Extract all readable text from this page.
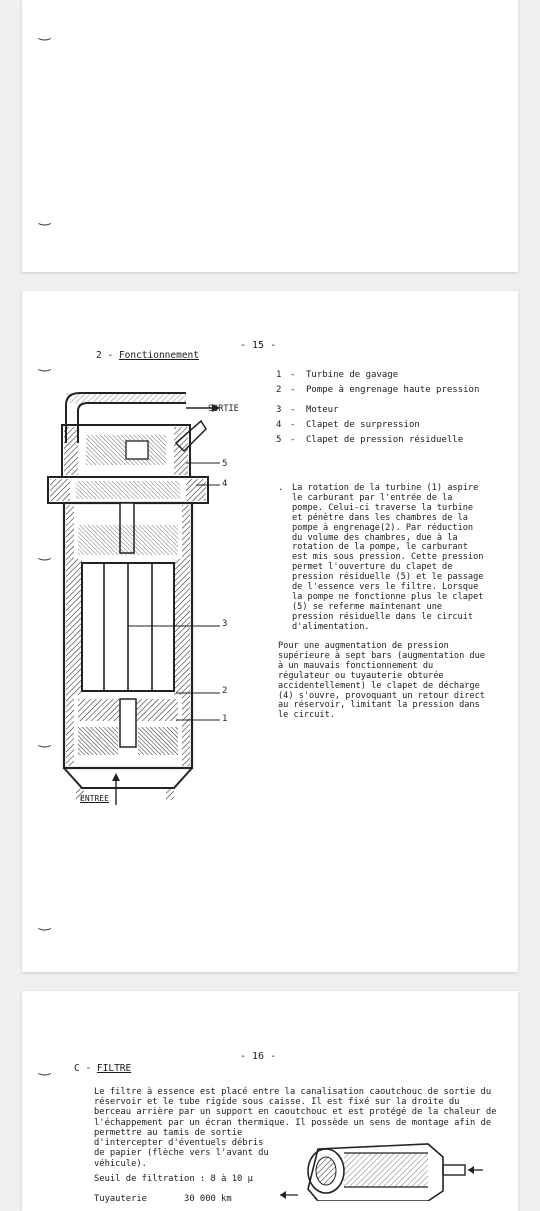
‿
‿
- 15 -
2 - Fonctionnement
‿
‿
‿
‿
SORTIE
ENTREE
5
4
3
2
1
1 -	Turbine de gavage
2 -	Pompe à engrenage haute pression
3 -	Moteur
4 -	Clapet de surpression
5 -	Clapet de pression résiduelle
. La rotation de la turbine (1) aspire
le carburant par l'entrée de la
pompe. Celui-ci traverse la turbine
et pénètre dans les chambres de la
pompe à engrenage(2). Par réduction
du volume des chambres, due à la
rotation de la pompe, le carburant
est mis sous pression. Cette pression
permet l'ouverture du clapet de
pression résiduelle (5) et le passage
de l'essence vers le filtre. Lorsque
la pompe ne fonctionne plus le clapet
(5) se referme maintenant une
pression résiduelle dans le circuit
d'alimentation.
Pour une augmentation de pression
supérieure à sept bars (augmentation due
à un mauvais fonctionnement du
régulateur ou tuyauterie obturée
accidentellement) le clapet de décharge
(4) s'ouvre, provoquant un retour direct
au réservoir, limitant la pression dans
le circuit.
- 16 -
‿ C - FILTRE
Le filtre à essence est placé entre la canalisation caoutchouc de sortie du
réservoir et le tube rigide sous caisse. Il est fixé sur la droite du
berceau arrière par un support en caoutchouc et est protégé de la chaleur de
l'échappement par un écran thermique. Il possède un sens de montage afin de
permettre au tamis de sortie
d'intercepter d'éventuels débris
de papier (flèche vers l'avant du
véhicule).
Seuil de filtration : 8 à 10 µ
Tuyauterie       30 000 km
